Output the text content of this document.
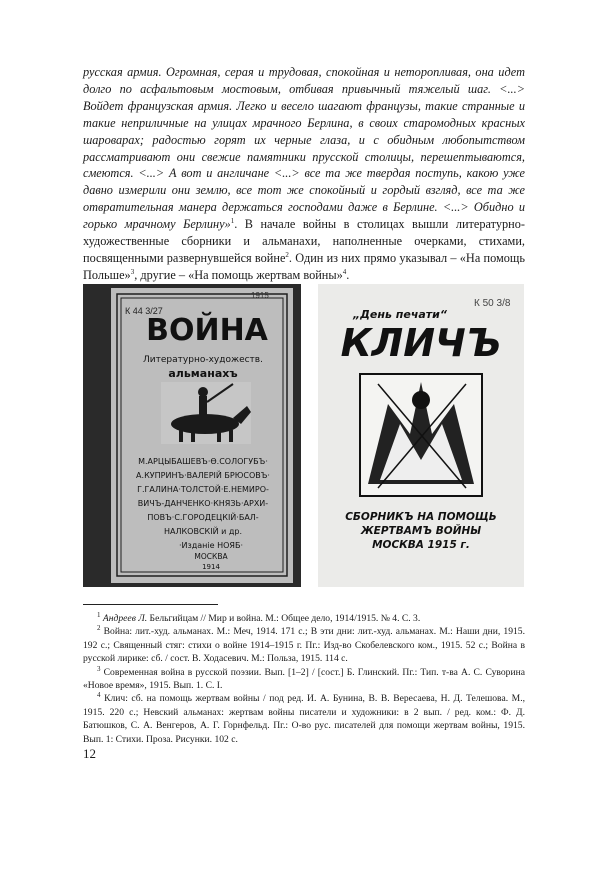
русская армия. Огромная, серая и трудовая, спокойная и неторопливая, она идет долго по асфальтовым мостовым, отбивая привычный тяжелый шаг. <...> Войдет французская армия. Легко и весело шагают французы, такие странные и такие неприличные на улицах мрачного Берлина, в своих старомодных красных шароварах; радостью горят их черные глаза, и с обидным любопытством рассматривают они свежие памятники прусской столицы, перешептываются, смеются. <...> А вот и англичане <...> все та же твердая поступь, какою уже давно измерили они землю, все тот же спокойный и гордый взгляд, все та же отвратительная манера держаться господами даже в Берлине. <...> Обидно и горько мрачному Берлину»$^1$. В начале войны в столицах вышли литературно-художественные сборники и альманахи, наполненные очерками, стихами, посвященными развернувшейся войне$^2$. Один из них прямо указывал – «На помощь Польше»$^3$, другие – «На помощь жертвам войны»$^4$.

К 44 3/27
1915
ВОЙНА
Литературно-художеств.
альманахъ
М.АРЦЫБАШЕВЪ·Ө.СОЛОГУБЪ·
А.КУПРИНЪ·ВАЛЕРІЙ БРЮСОВЪ·
Г.ГАЛИНА·ТОЛСТОЙ·Е.НЕМИРО-
ВИЧЪ-ДАНЧЕНКО·КНЯЗЬ·АРХИ-
ПОВЪ·С.ГОРОДЕЦКІЙ·БАЛ-
НАЛКОВСКІЙ и др.
·Изданіе НОЯБ·
МОСКВА
1914
К 50 3/8
„День печати“
КЛИЧЪ
СБОРНИКЪ НА ПОМОЩЬ
ЖЕРТВАМЪ ВОЙНЫ
МОСКВА 1915 г.

$^1$ Андреев Л. Бельгийцам // Мир и война. М.: Общее дело, 1914/1915. № 4. С. 3.

$^2$ Война: лит.-худ. альманах. М.: Меч, 1914. 171 с.; В эти дни: лит.-худ. альманах. М.: Наши дни, 1915. 192 с.; Священный стяг: стихи о войне 1914–1915 г. Пг.: Изд-во Скобелевского ком., 1915. 52 с.; Война в русской лирике: сб. / сост. В. Ходасевич. М.: Польза, 1915. 114 с.

$^3$ Современная война в русской поэзии. Вып. [1–2] / [сост.] Б. Глинский. Пг.: Тип. т-ва А. С. Суворина «Новое время», 1915. Вып. 1. С. I.

$^4$ Клич: сб. на помощь жертвам войны / под ред. И. А. Бунина, В. В. Вересаева, Н. Д. Телешова. М., 1915. 220 с.; Невский альманах: жертвам войны писатели и художники: в 2 вып. / ред. ком.: Ф. Д. Батюшков, С. А. Венгеров, А. Г. Горнфельд. Пг.: О-во рус. писателей для помощи жертвам войны, 1915. Вып. 1: Стихи. Проза. Рисунки. 102 с.

12
